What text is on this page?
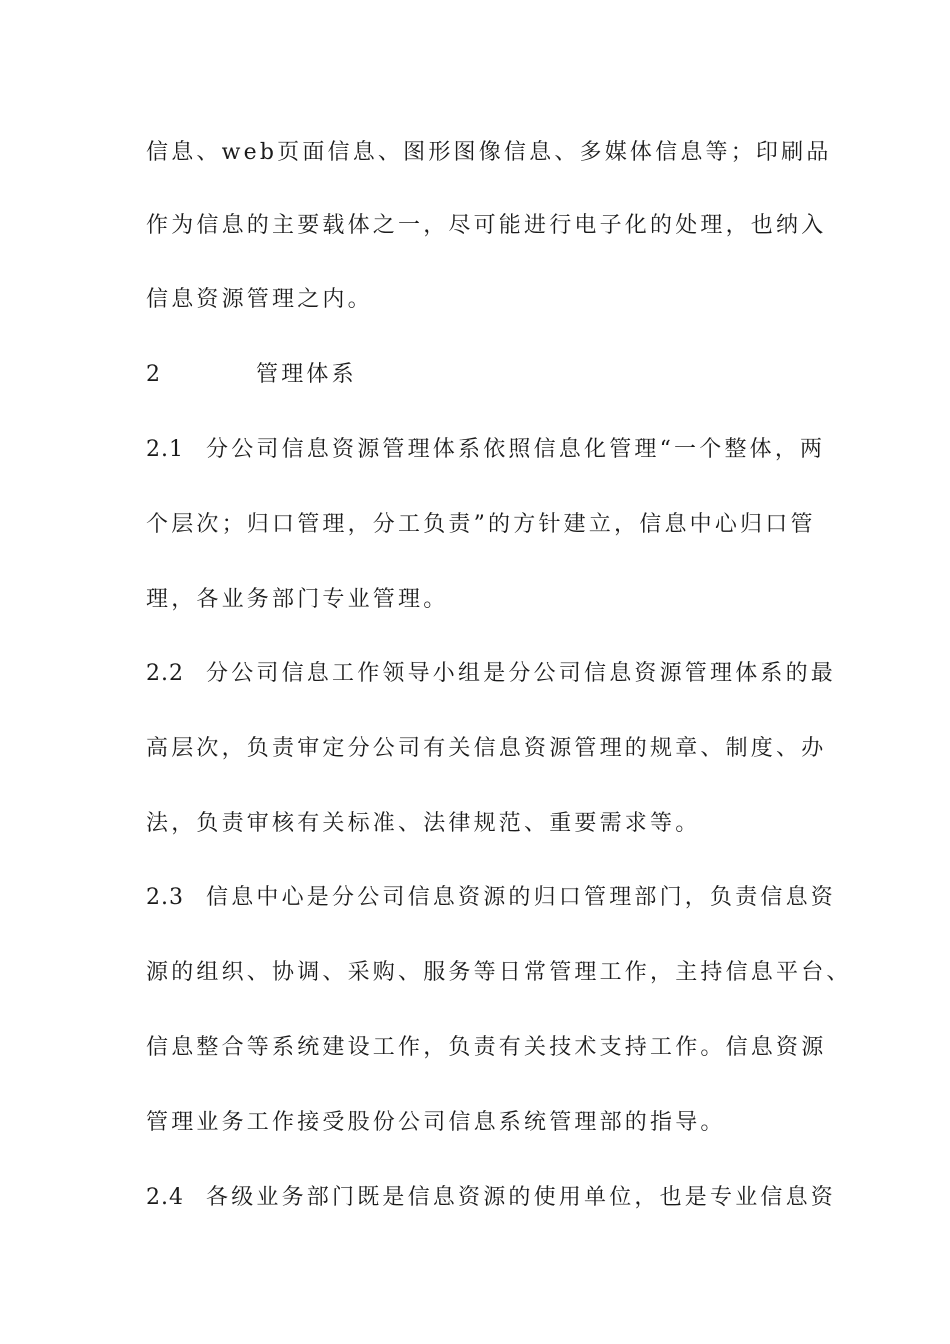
信息、web页面信息、图形图像信息、多媒体信息等；印刷品
作为信息的主要载体之一，尽可能进行电子化的处理，也纳入
信息资源管理之内。
2	管理体系
2.1 分公司信息资源管理体系依照信息化管理“一个整体，两
个层次；归口管理，分工负责”的方针建立，信息中心归口管
理，各业务部门专业管理。
2.2 分公司信息工作领导小组是分公司信息资源管理体系的最
高层次，负责审定分公司有关信息资源管理的规章、制度、办
法，负责审核有关标准、法律规范、重要需求等。
2.3 信息中心是分公司信息资源的归口管理部门，负责信息资
源的组织、协调、采购、服务等日常管理工作，主持信息平台、
信息整合等系统建设工作，负责有关技术支持工作。信息资源
管理业务工作接受股份公司信息系统管理部的指导。
2.4 各级业务部门既是信息资源的使用单位，也是专业信息资
